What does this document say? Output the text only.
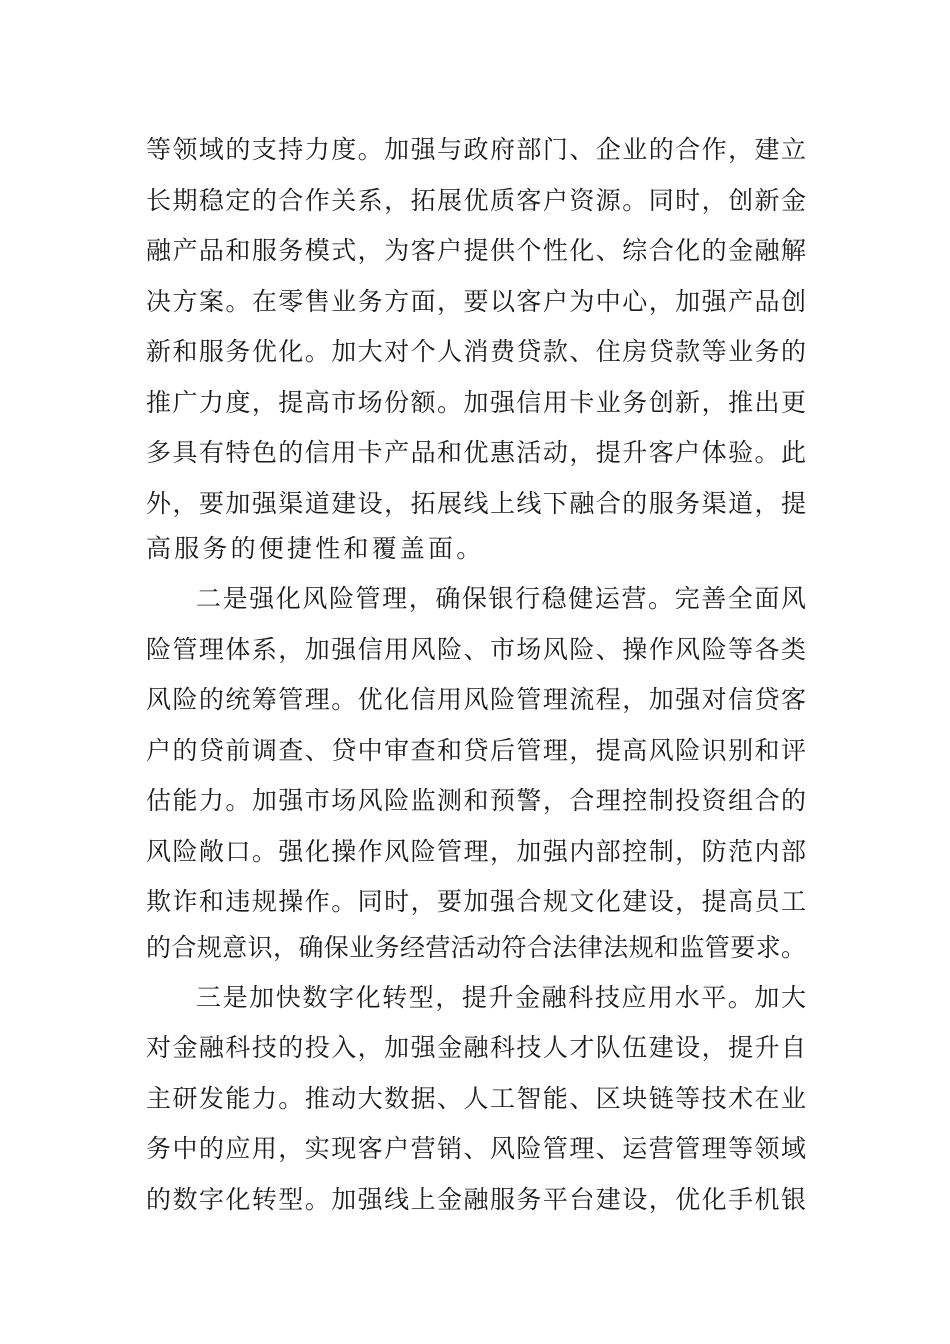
等领域的支持力度。加强与政府部门、企业的合作，建立
长期稳定的合作关系，拓展优质客户资源。同时，创新金
融产品和服务模式，为客户提供个性化、综合化的金融解
决方案。在零售业务方面，要以客户为中心，加强产品创
新和服务优化。加大对个人消费贷款、住房贷款等业务的
推广力度，提高市场份额。加强信用卡业务创新，推出更
多具有特色的信用卡产品和优惠活动，提升客户体验。此
外，要加强渠道建设，拓展线上线下融合的服务渠道，提
高服务的便捷性和覆盖面。
二是强化风险管理，确保银行稳健运营。完善全面风
险管理体系，加强信用风险、市场风险、操作风险等各类
风险的统筹管理。优化信用风险管理流程，加强对信贷客
户的贷前调查、贷中审查和贷后管理，提高风险识别和评
估能力。加强市场风险监测和预警，合理控制投资组合的
风险敞口。强化操作风险管理，加强内部控制，防范内部
欺诈和违规操作。同时，要加强合规文化建设，提高员工
的合规意识，确保业务经营活动符合法律法规和监管要求。
三是加快数字化转型，提升金融科技应用水平。加大
对金融科技的投入，加强金融科技人才队伍建设，提升自
主研发能力。推动大数据、人工智能、区块链等技术在业
务中的应用，实现客户营销、风险管理、运营管理等领域
的数字化转型。加强线上金融服务平台建设，优化手机银
